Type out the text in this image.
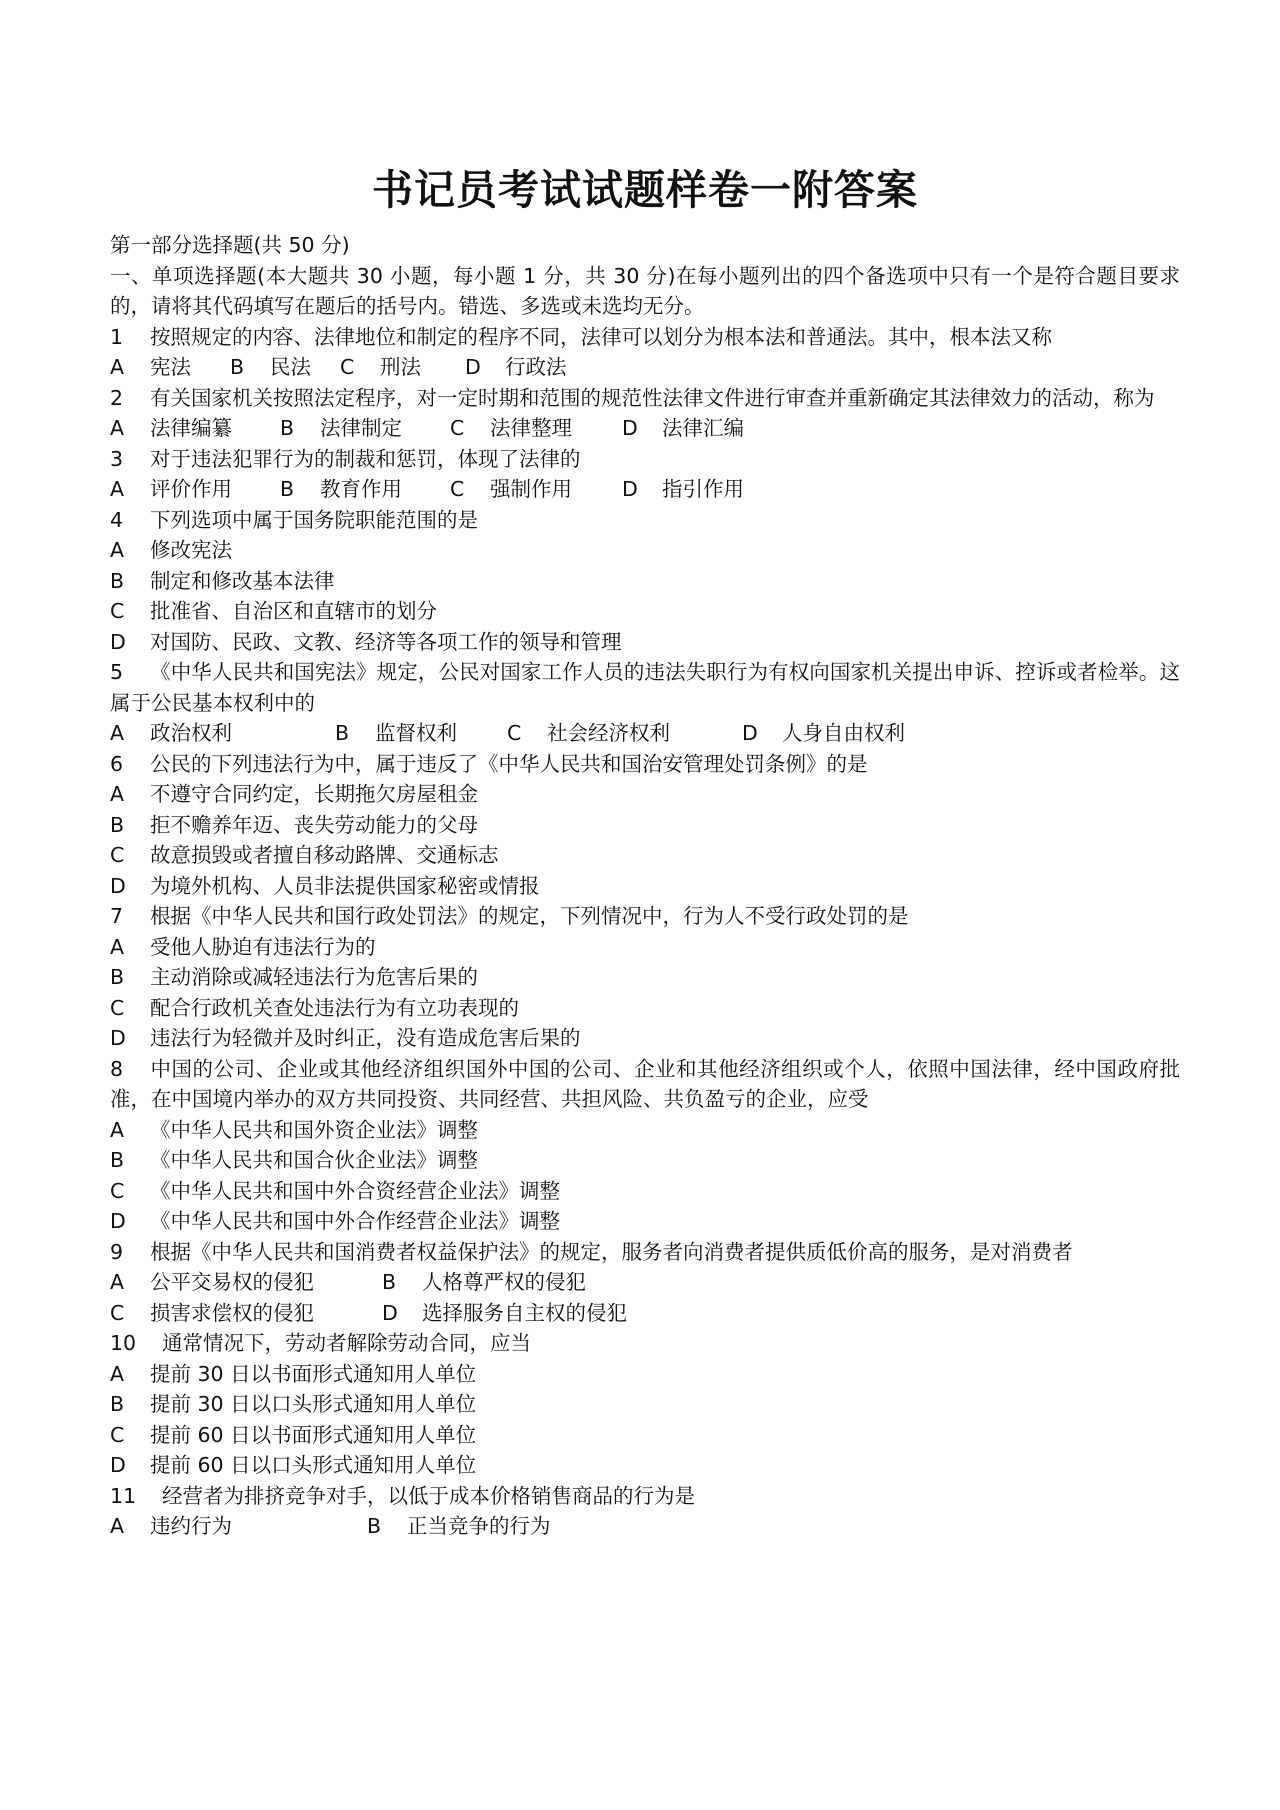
书记员考试试题样卷一附答案
第一部分选择题(共 50 分)
一、单项选择题(本大题共 30 小题，每小题 1 分，共 30 分)在每小题列出的四个备选项中只有一个是符合题目要求的，请将其代码填写在题后的括号内。错选、多选或未选均无分。
1 按照规定的内容、法律地位和制定的程序不同，法律可以划分为根本法和普通法。其中，根本法又称
A 宪法 B 民法 C 刑法 D 行政法
2 有关国家机关按照法定程序，对一定时期和范围的规范性法律文件进行审查并重新确定其法律效力的活动，称为
A 法律编纂 B 法律制定 C 法律整理 D 法律汇编
3 对于违法犯罪行为的制裁和惩罚，体现了法律的
A 评价作用 B 教育作用 C 强制作用 D 指引作用
4 下列选项中属于国务院职能范围的是
A 修改宪法
B 制定和修改基本法律
C 批准省、自治区和直辖市的划分
D 对国防、民政、文教、经济等各项工作的领导和管理
5 《中华人民共和国宪法》规定，公民对国家工作人员的违法失职行为有权向国家机关提出申诉、控诉或者检举。这属于公民基本权利中的
A 政治权利	B 监督权利 C 社会经济权利	D 人身自由权利
6 公民的下列违法行为中，属于违反了《中华人民共和国治安管理处罚条例》的是
A 不遵守合同约定，长期拖欠房屋租金
B 拒不赡养年迈、丧失劳动能力的父母
C 故意损毁或者擅自移动路牌、交通标志
D 为境外机构、人员非法提供国家秘密或情报
7 根据《中华人民共和国行政处罚法》的规定，下列情况中，行为人不受行政处罚的是
A 受他人胁迫有违法行为的
B 主动消除或减轻违法行为危害后果的
C 配合行政机关查处违法行为有立功表现的
D 违法行为轻微并及时纠正，没有造成危害后果的
8 中国的公司、企业或其他经济组织国外中国的公司、企业和其他经济组织或个人，依照中国法律，经中国政府批准，在中国境内举办的双方共同投资、共同经营、共担风险、共负盈亏的企业，应受
A 《中华人民共和国外资企业法》调整
B 《中华人民共和国合伙企业法》调整
C 《中华人民共和国中外合资经营企业法》调整
D 《中华人民共和国中外合作经营企业法》调整
9 根据《中华人民共和国消费者权益保护法》的规定，服务者向消费者提供质低价高的服务，是对消费者
A 公平交易权的侵犯	B 人格尊严权的侵犯
C 损害求偿权的侵犯	D 选择服务自主权的侵犯
10 通常情况下，劳动者解除劳动合同，应当
A 提前 30 日以书面形式通知用人单位
B 提前 30 日以口头形式通知用人单位
C 提前 60 日以书面形式通知用人单位
D 提前 60 日以口头形式通知用人单位
11 经营者为排挤竞争对手，以低于成本价格销售商品的行为是
A 违约行为	B 正当竞争的行为
